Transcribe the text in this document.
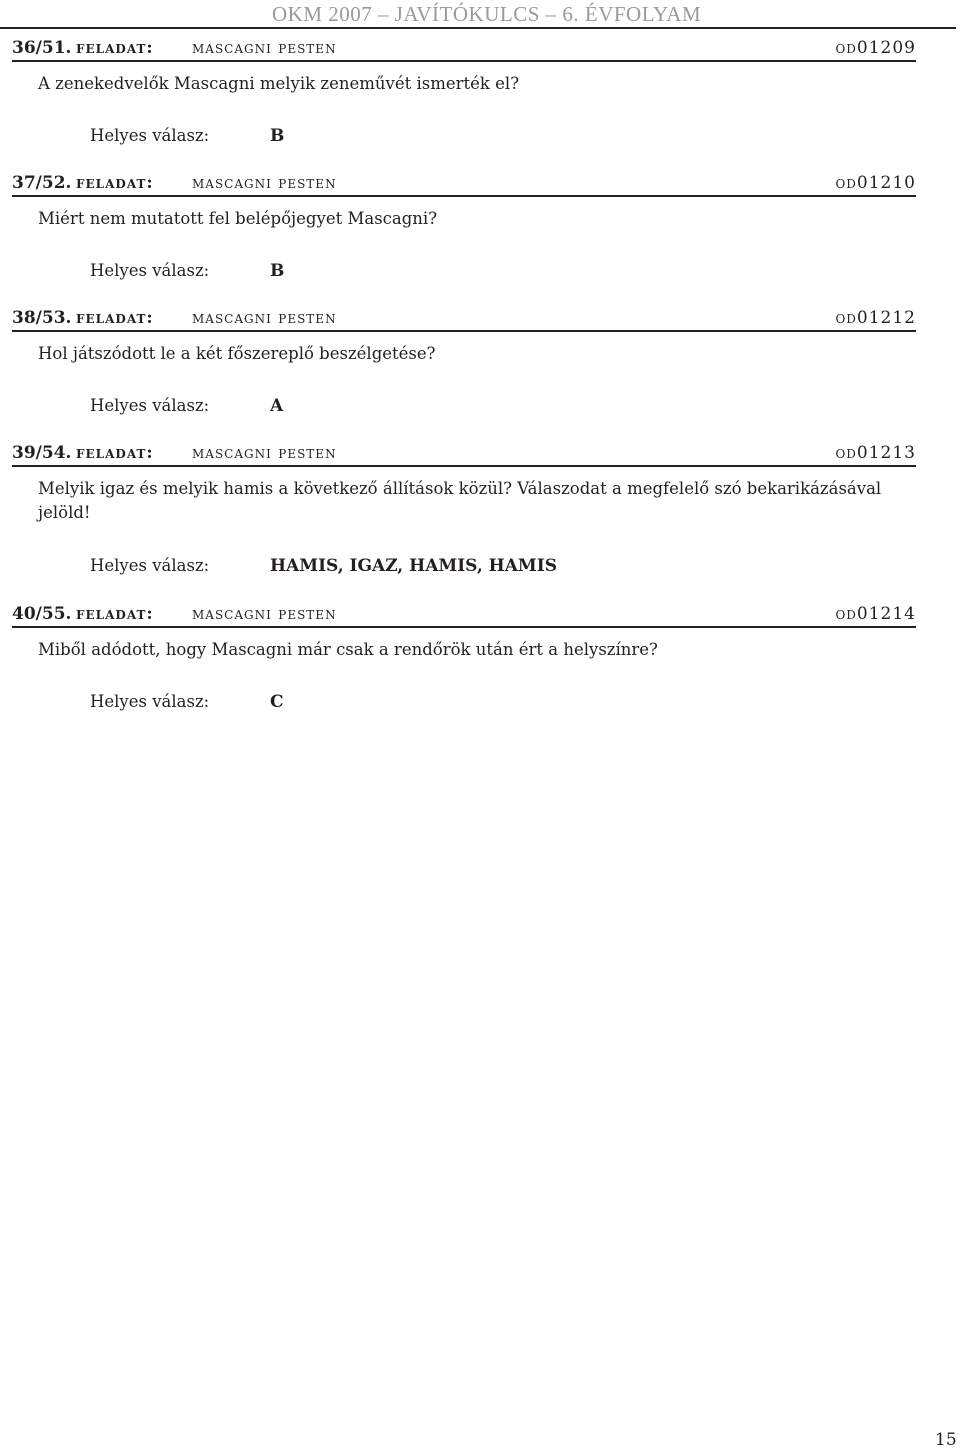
OKM 2007 – JAVÍTÓKULCS – 6. ÉVFOLYAM
36/51. feladat: mascagni pesten	od01209
A zenekedvelők Mascagni melyik zeneművét ismerték el?
Helyes válasz:	B
37/52. feladat: mascagni pesten	od01210
Miért nem mutatott fel belépőjegyet Mascagni?
Helyes válasz:	B
38/53. feladat: mascagni pesten	od01212
Hol játszódott le a két főszereplő beszélgetése?
Helyes válasz:	A
39/54. feladat: mascagni pesten	od01213
Melyik igaz és melyik hamis a következő állítások közül? Válaszodat a megfelelő szó bekarikázásával jelöld!
Helyes válasz:	HAMIS, IGAZ, HAMIS, HAMIS
40/55. feladat: mascagni pesten	od01214
Miből adódott, hogy Mascagni már csak a rendőrök után ért a helyszínre?
Helyes válasz:	C
15
